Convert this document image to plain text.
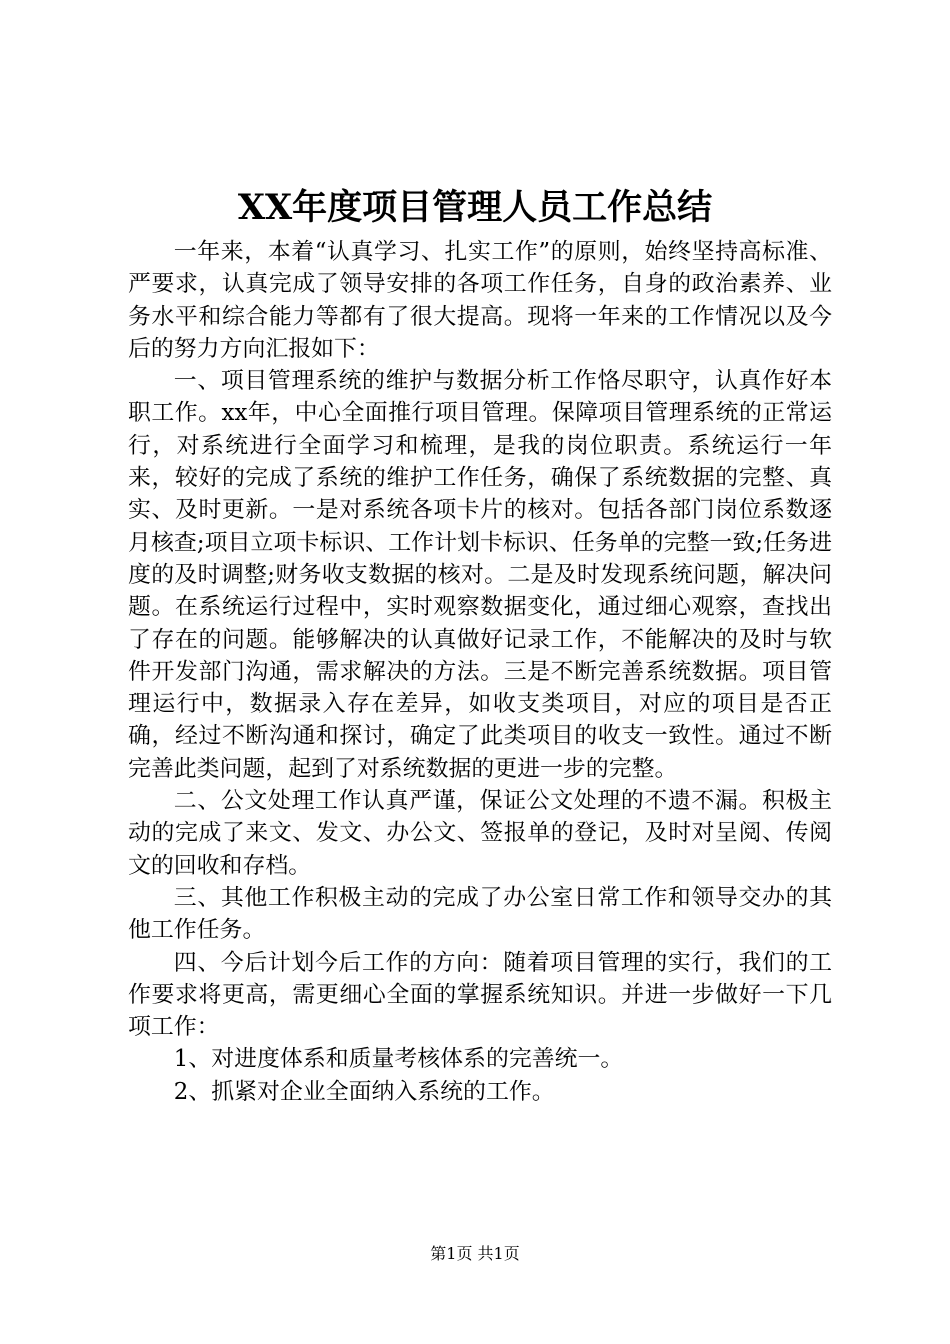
XX年度项目管理人员工作总结

一年来，本着“认真学习、扎实工作”的原则，始终坚持高标准、严要求，认真完成了领导安排的各项工作任务，自身的政治素养、业务水平和综合能力等都有了很大提高。现将一年来的工作情况以及今后的努力方向汇报如下：

一、项目管理系统的维护与数据分析工作恪尽职守，认真作好本职工作。xx年，中心全面推行项目管理。保障项目管理系统的正常运行，对系统进行全面学习和梳理，是我的岗位职责。系统运行一年来，较好的完成了系统的维护工作任务，确保了系统数据的完整、真实、及时更新。一是对系统各项卡片的核对。包括各部门岗位系数逐月核查;项目立项卡标识、工作计划卡标识、任务单的完整一致;任务进度的及时调整;财务收支数据的核对。二是及时发现系统问题，解决问题。在系统运行过程中，实时观察数据变化，通过细心观察，查找出了存在的问题。能够解决的认真做好记录工作，不能解决的及时与软件开发部门沟通，需求解决的方法。三是不断完善系统数据。项目管理运行中，数据录入存在差异，如收支类项目，对应的项目是否正确，经过不断沟通和探讨，确定了此类项目的收支一致性。通过不断完善此类问题，起到了对系统数据的更进一步的完整。

二、公文处理工作认真严谨，保证公文处理的不遗不漏。积极主动的完成了来文、发文、办公文、签报单的登记，及时对呈阅、传阅文的回收和存档。

三、其他工作积极主动的完成了办公室日常工作和领导交办的其他工作任务。

四、今后计划今后工作的方向：随着项目管理的实行，我们的工作要求将更高，需更细心全面的掌握系统知识。并进一步做好一下几项工作：

1、对进度体系和质量考核体系的完善统一。

2、抓紧对企业全面纳入系统的工作。

第1页 共1页
